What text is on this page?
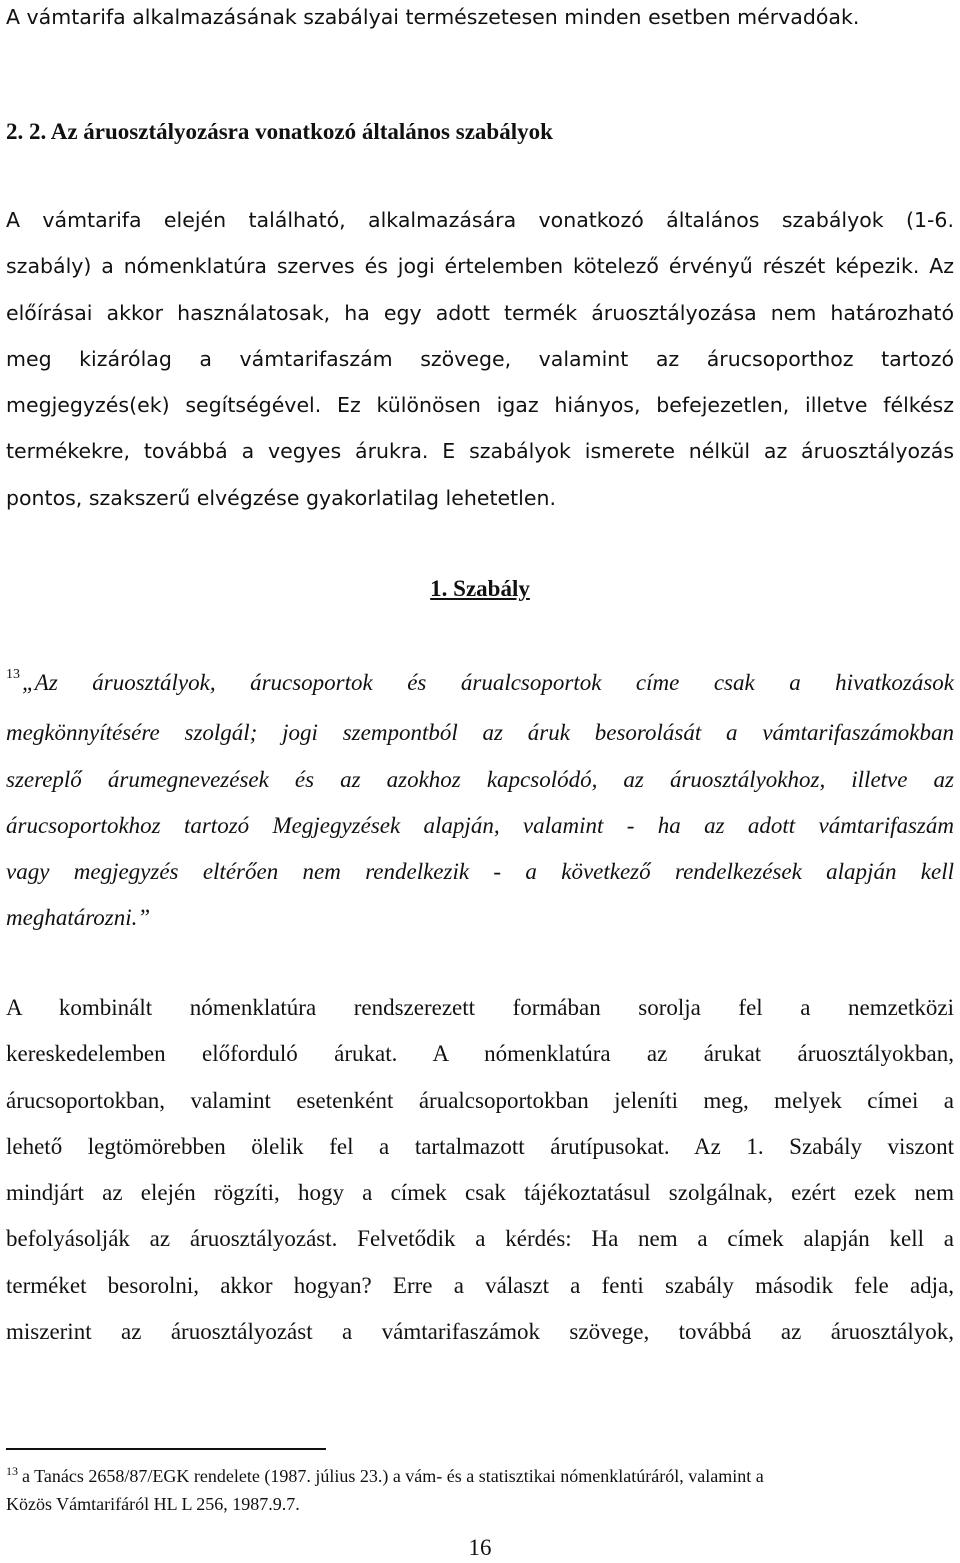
A vámtarifa alkalmazásának szabályai természetesen minden esetben mérvadóak.

2. 2. Az áruosztályozásra vonatkozó általános szabályok

A vámtarifa elején található, alkalmazására vonatkozó általános szabályok (1-6.
szabály) a nómenklatúra szerves és jogi értelemben kötelező érvényű részét képezik. Az
előírásai akkor használatosak, ha egy adott termék áruosztályozása nem határozható
meg kizárólag a vámtarifaszám szövege, valamint az árucsoporthoz tartozó
megjegyzés(ek) segítségével. Ez különösen igaz hiányos, befejezetlen, illetve félkész
termékekre, továbbá a vegyes árukra. E szabályok ismerete nélkül az áruosztályozás
pontos, szakszerű elvégzése gyakorlatilag lehetetlen.
1. Szabály
$^{13}$„Az áruosztályok, árucsoportok és árualcsoportok címe csak a hivatkozások
megkönnyítésére szolgál; jogi szempontból az áruk besorolását a vámtarifaszámokban
szereplő árumegnevezések és az azokhoz kapcsolódó, az áruosztályokhoz, illetve az
árucsoportokhoz tartozó Megjegyzések alapján, valamint - ha az adott vámtarifaszám
vagy megjegyzés eltérően nem rendelkezik - a következő rendelkezések alapján kell
meghatározni.”
A kombinált nómenklatúra rendszerezett formában sorolja fel a nemzetközi
kereskedelemben előforduló árukat. A nómenklatúra az árukat áruosztályokban,
árucsoportokban, valamint esetenként árualcsoportokban jeleníti meg, melyek címei a
lehető legtömörebben ölelik fel a tartalmazott árutípusokat. Az 1. Szabály viszont
mindjárt az elején rögzíti, hogy a címek csak tájékoztatásul szolgálnak, ezért ezek nem
befolyásolják az áruosztályozást. Felvetődik a kérdés: Ha nem a címek alapján kell a
terméket besorolni, akkor hogyan? Erre a választ a fenti szabály második fele adja,
miszerint az áruosztályozást a vámtarifaszámok szövege, továbbá az áruosztályok,
$^{13}$ a Tanács 2658/87/EGK rendelete (1987. július 23.) a vám- és a statisztikai nómenklatúráról, valamint a
Közös Vámtarifáról HL L 256, 1987.9.7.
16
